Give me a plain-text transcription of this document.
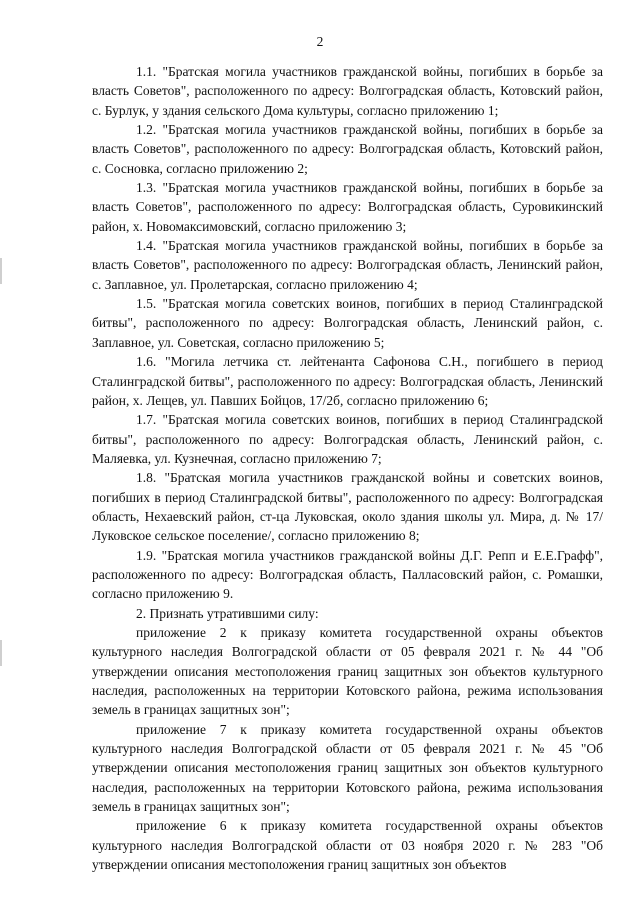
2

1.1. "Братская могила участников гражданской войны, погибших в борьбе за власть Советов", расположенного по адресу: Волгоградская область, Котовский район, с. Бурлук, у здания сельского Дома культуры, согласно приложению 1;

1.2. "Братская могила участников гражданской войны, погибших в борьбе за власть Советов", расположенного по адресу: Волгоградская область, Котовский район, с. Сосновка, согласно приложению 2;

1.3. "Братская могила участников гражданской войны, погибших в борьбе за власть Советов", расположенного по адресу: Волгоградская область, Суровикинский район, х. Новомаксимовский, согласно приложению 3;

1.4. "Братская могила участников гражданской войны, погибших в борьбе за власть Советов", расположенного по адресу: Волгоградская область, Ленинский район, с. Заплавное, ул. Пролетарская, согласно приложению 4;

1.5. "Братская могила советских воинов, погибших в период Сталинградской битвы", расположенного по адресу: Волгоградская область, Ленинский район, с. Заплавное, ул. Советская, согласно приложению 5;

1.6. "Могила летчика ст. лейтенанта Сафонова С.Н., погибшего в период Сталинградской битвы", расположенного по адресу: Волгоградская область, Ленинский район, х. Лещев, ул. Павших Бойцов, 17/2б, согласно приложению 6;

1.7. "Братская могила советских воинов, погибших в период Сталинградской битвы", расположенного по адресу: Волгоградская область, Ленинский район, с. Маляевка, ул. Кузнечная, согласно приложению 7;

1.8. "Братская могила участников гражданской войны и советских воинов, погибших в период Сталинградской битвы", расположенного по адресу: Волгоградская область, Нехаевский район, ст-ца Луковская, около здания школы ул. Мира, д. № 17/Луковское сельское поселение/, согласно приложению 8;

1.9. "Братская могила участников гражданской войны Д.Г. Репп и Е.Е.Графф", расположенного по адресу: Волгоградская область, Палласовский район, с. Ромашки, согласно приложению 9.

2. Признать утратившими силу:

приложение 2 к приказу комитета государственной охраны объектов культурного наследия Волгоградской области от 05 февраля 2021 г. № 44 "Об утверждении описания местоположения границ защитных зон объектов культурного наследия, расположенных на территории Котовского района, режима использования земель в границах защитных зон";

приложение 7 к приказу комитета государственной охраны объектов культурного наследия Волгоградской области от 05 февраля 2021 г. № 45 "Об утверждении описания местоположения границ защитных зон объектов культурного наследия, расположенных на территории Котовского района, режима использования земель в границах защитных зон";

приложение 6 к приказу комитета государственной охраны объектов культурного наследия Волгоградской области от 03 ноября 2020 г. № 283 "Об утверждении описания местоположения границ защитных зон объектов
